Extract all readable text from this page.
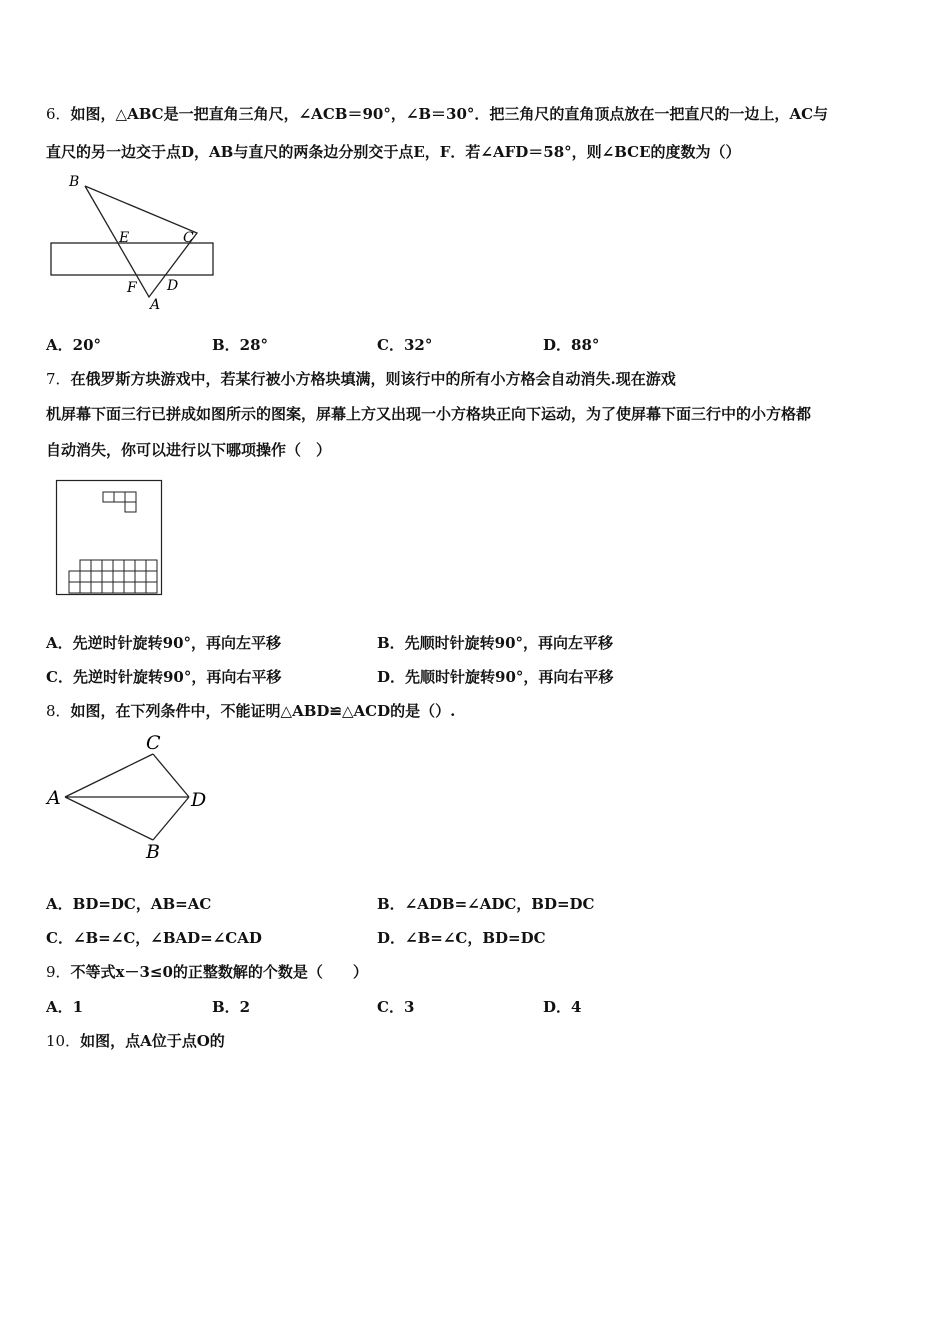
6．如图，△ABC是一把直角三角尺，∠ACB＝90°，∠B＝30°．把三角尺的直角顶点放在一把直尺的一边上，AC与
直尺的另一边交于点D，AB与直尺的两条边分别交于点E，F．若∠AFD＝58°，则∠BCE的度数为（）
B
E	C
F D
A
A．20°	B．28°	C．32°	D．88°
7．在俄罗斯方块游戏中，若某行被小方格块填满，则该行中的所有小方格会自动消失.现在游戏
机屏幕下面三行已拼成如图所示的图案，屏幕上方又出现一小方格块正向下运动，为了使屏幕下面三行中的小方格都
自动消失，你可以进行以下哪项操作（　）
A．先逆时针旋转90°，再向左平移	B．先顺时针旋转90°，再向左平移
C．先逆时针旋转90°，再向右平移	D．先顺时针旋转90°，再向右平移
8．如图，在下列条件中，不能证明△ABD≌△ACD的是（）.
C
A	D
B
A．BD=DC，AB=AC	B．∠ADB=∠ADC，BD=DC
C．∠B=∠C，∠BAD=∠CAD	D．∠B=∠C，BD=DC
9．不等式x－3≤0的正整数解的个数是（　　）
A．1	B．2	C．3	D．4
10．如图，点A位于点O的
